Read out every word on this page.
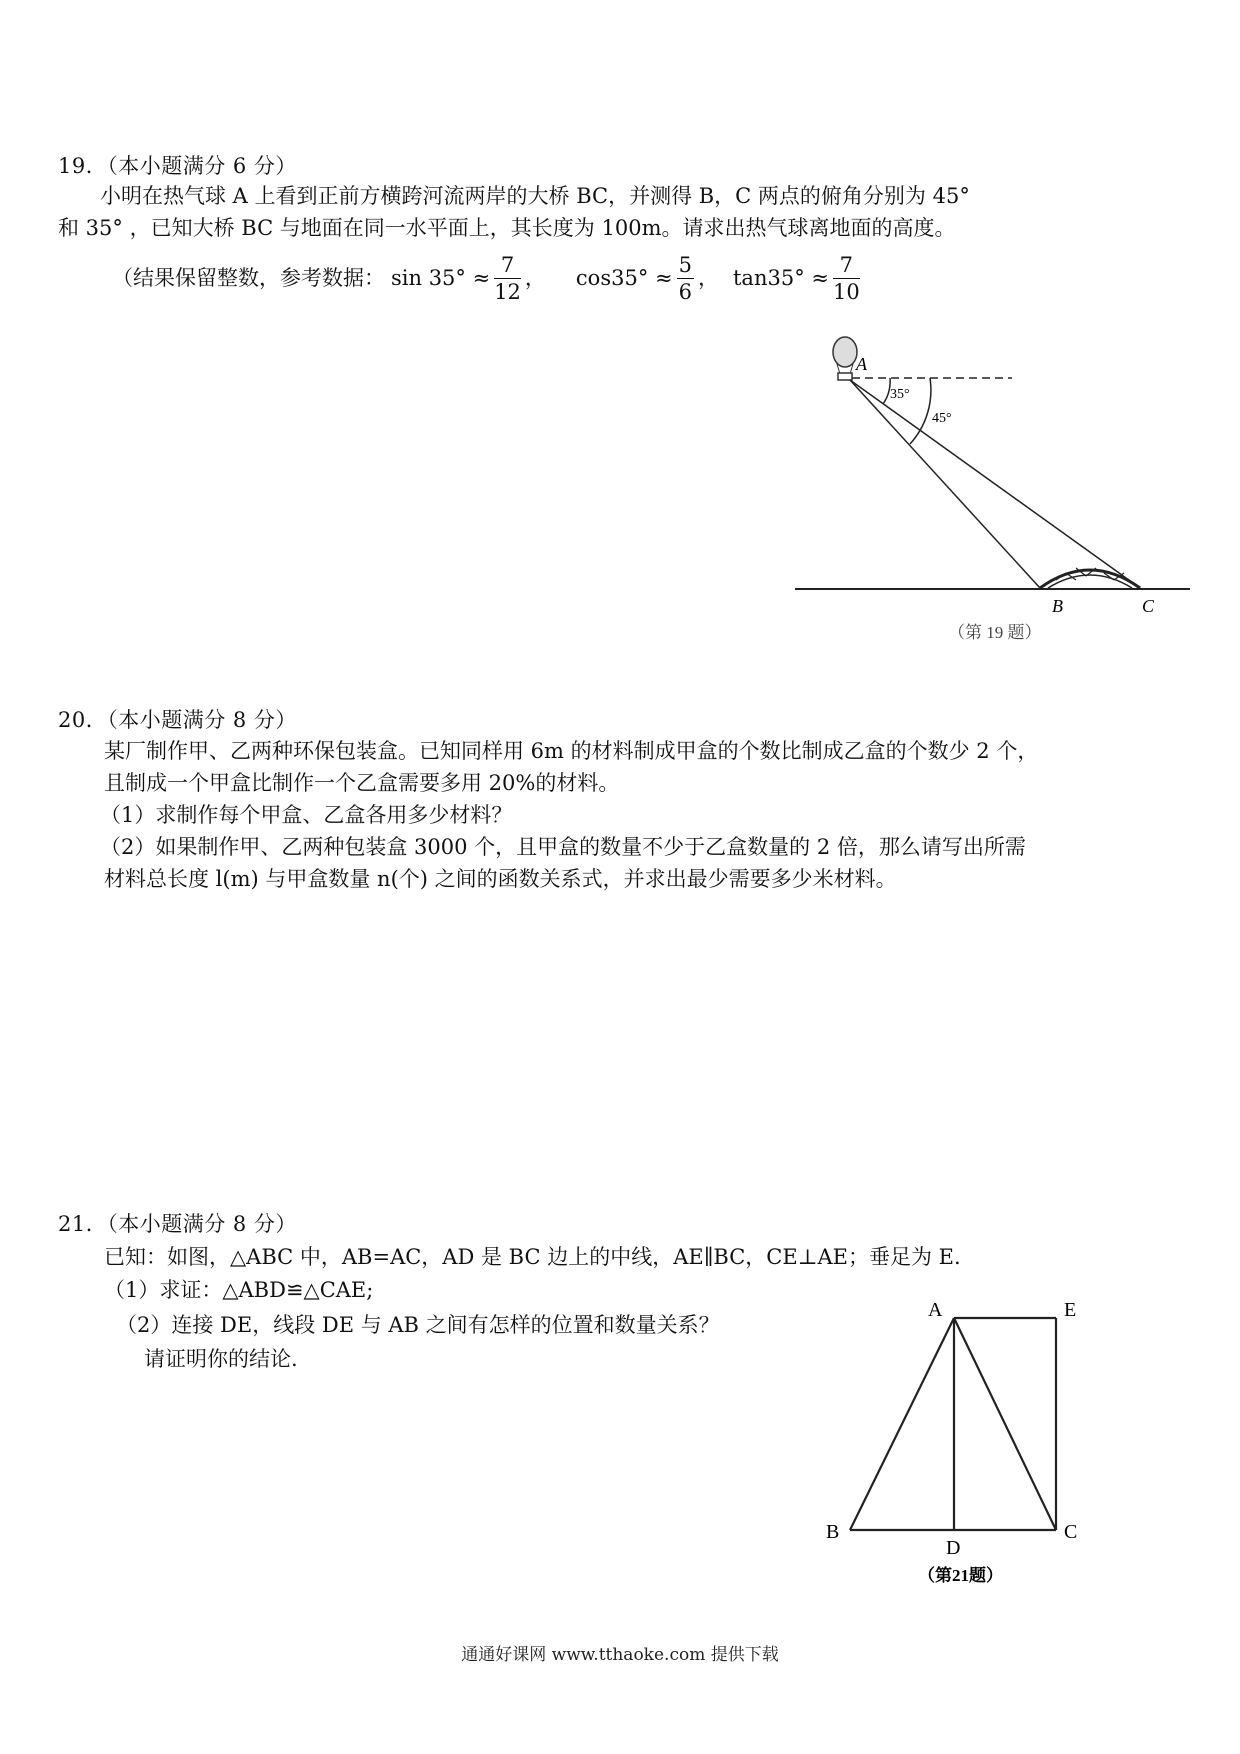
19．（本小题满分 6 分）
小明在热气球 A 上看到正前方横跨河流两岸的大桥 BC，并测得 B，C 两点的俯角分别为 45°
和 35° ，已知大桥 BC 与地面在同一水平面上，其长度为 100m。请求出热气球离地面的高度。
（结果保留整数，参考数据： $\sin 35^\circ \approx \frac{7}{12}$ ， $\cos 35^\circ \approx \frac{5}{6}$ ， $\tan 35^\circ \approx \frac{7}{10}$
A
35°
45°
B	C
（第 19 题）
20．（本小题满分 8 分）
某厂制作甲、乙两种环保包装盒。已知同样用 6m 的材料制成甲盒的个数比制成乙盒的个数少 2 个，
且制成一个甲盒比制作一个乙盒需要多用 20%的材料。
（1）求制作每个甲盒、乙盒各用多少材料？
（2）如果制作甲、乙两种包装盒 3000 个，且甲盒的数量不少于乙盒数量的 2 倍，那么请写出所需
材料总长度 l(m) 与甲盒数量 n(个) 之间的函数关系式，并求出最少需要多少米材料。
21．（本小题满分 8 分）
已知：如图，△ABC 中，AB=AC，AD 是 BC 边上的中线，AE∥BC，CE⊥AE；垂足为 E.
（1）求证：△ABD≌△CAE;
（2）连接 DE，线段 DE 与 AB 之间有怎样的位置和数量关系？
请证明你的结论.
A	E
B	C
D
（第21题）
通通好课网 www.tthaoke.com 提供下载
